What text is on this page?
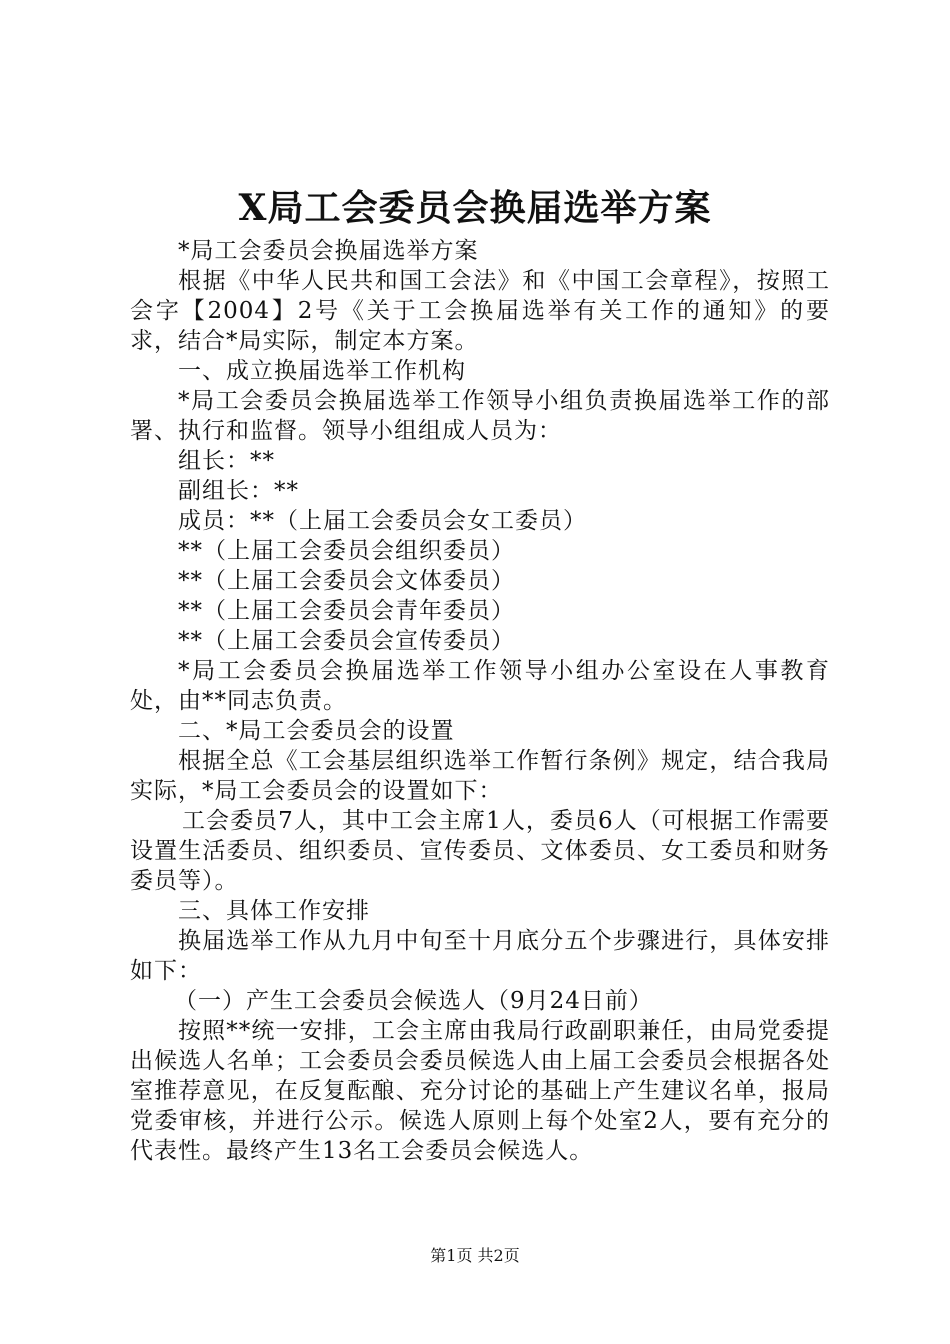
X局工会委员会换届选举方案

*局工会委员会换届选举方案

根据《中华人民共和国工会法》和《中国工会章程》，按照工会字【2004】2号《关于工会换届选举有关工作的通知》的要求，结合*局实际，制定本方案。

一、成立换届选举工作机构

*局工会委员会换届选举工作领导小组负责换届选举工作的部署、执行和监督。领导小组组成人员为：

组长：**

副组长：**

成员：**（上届工会委员会女工委员）

**（上届工会委员会组织委员）

**（上届工会委员会文体委员）

**（上届工会委员会青年委员）

**（上届工会委员会宣传委员）

*局工会委员会换届选举工作领导小组办公室设在人事教育处，由**同志负责。

二、*局工会委员会的设置

根据全总《工会基层组织选举工作暂行条例》规定，结合我局实际，*局工会委员会的设置如下：

工会委员7人，其中工会主席1人，委员6人（可根据工作需要设置生活委员、组织委员、宣传委员、文体委员、女工委员和财务委员等）。

三、具体工作安排

换届选举工作从九月中旬至十月底分五个步骤进行，具体安排如下：

（一）产生工会委员会候选人（9月24日前）

按照**统一安排，工会主席由我局行政副职兼任，由局党委提出候选人名单；工会委员会委员候选人由上届工会委员会根据各处室推荐意见，在反复酝酿、充分讨论的基础上产生建议名单，报局党委审核，并进行公示。候选人原则上每个处室2人，要有充分的代表性。最终产生13名工会委员会候选人。

第1页 共2页
